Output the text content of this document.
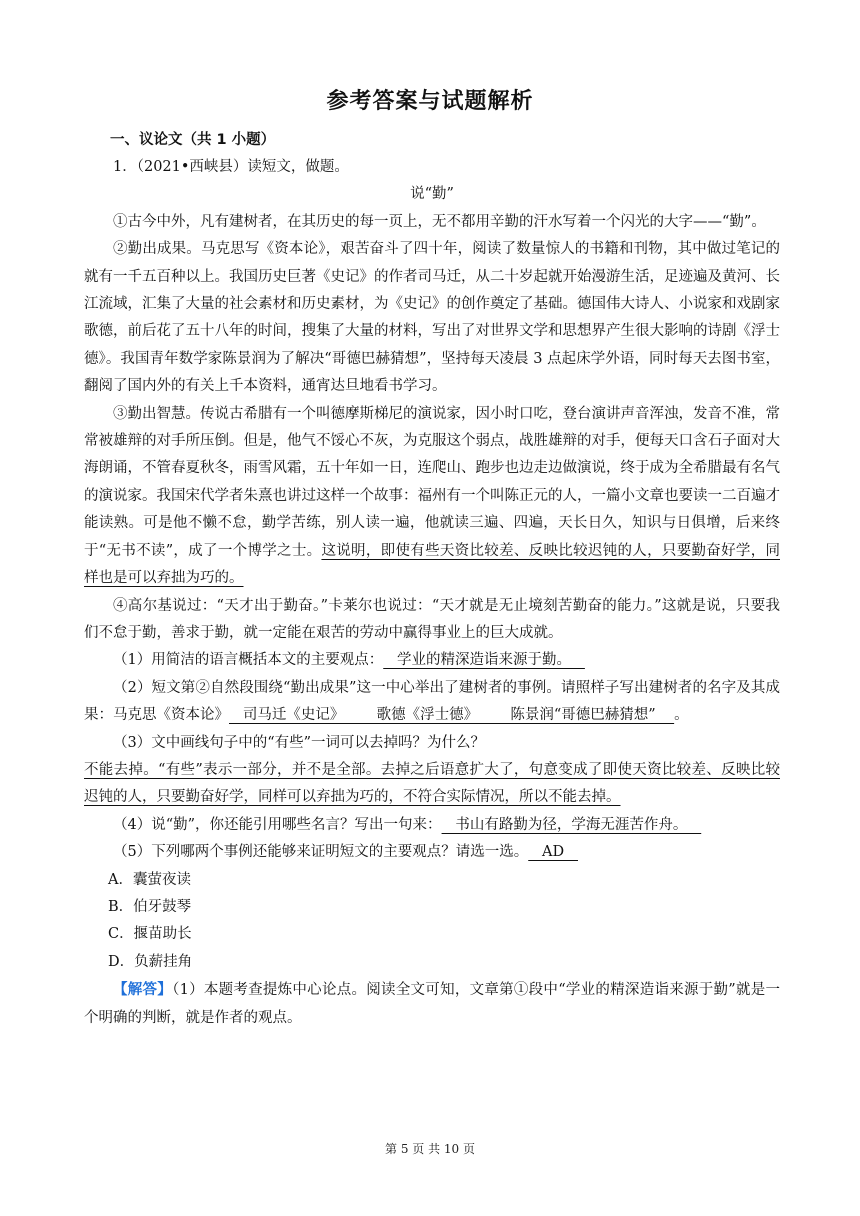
参考答案与试题解析
一、议论文（共 1 小题）

1．（2021•西峡县）读短文，做题。

说“勤”

①古今中外，凡有建树者，在其历史的每一页上，无不都用辛勤的汗水写着一个闪光的大字——“勤”。

②勤出成果。马克思写《资本论》，艰苦奋斗了四十年，阅读了数量惊人的书籍和刊物，其中做过笔记的就有一千五百种以上。我国历史巨著《史记》的作者司马迁，从二十岁起就开始漫游生活，足迹遍及黄河、长江流域，汇集了大量的社会素材和历史素材，为《史记》的创作奠定了基础。德国伟大诗人、小说家和戏剧家歌德，前后花了五十八年的时间，搜集了大量的材料，写出了对世界文学和思想界产生很大影响的诗剧《浮士德》。我国青年数学家陈景润为了解决“哥德巴赫猜想”，坚持每天凌晨 3 点起床学外语，同时每天去图书室，翻阅了国内外的有关上千本资料，通宵达旦地看书学习。

③勤出智慧。传说古希腊有一个叫德摩斯梯尼的演说家，因小时口吃，登台演讲声音浑浊，发音不准，常常被雄辩的对手所压倒。但是，他气不馁心不灰，为克服这个弱点，战胜雄辩的对手，便每天口含石子面对大海朗诵，不管春夏秋冬，雨雪风霜，五十年如一日，连爬山、跑步也边走边做演说，终于成为全希腊最有名气的演说家。我国宋代学者朱熹也讲过这样一个故事：福州有一个叫陈正元的人，一篇小文章也要读一二百遍才能读熟。可是他不懒不怠，勤学苦练，别人读一遍，他就读三遍、四遍，天长日久，知识与日俱增，后来终于“无书不读”，成了一个博学之士。这说明，即使有些天资比较差、反映比较迟钝的人，只要勤奋好学，同样也是可以弃拙为巧的。

④高尔基说过：“天才出于勤奋。”卡莱尔也说过：“天才就是无止境刻苦勤奋的能力。”这就是说，只要我们不怠于勤，善求于勤，就一定能在艰苦的劳动中赢得事业上的巨大成就。

（1）用简洁的语言概括本文的主要观点：   学业的精深造诣来源于勤。

（2）短文第②自然段围绕“勤出成果”这一中心举出了建树者的事例。请照样子写出建树者的名字及其成果：马克思《资本论》   司马迁《史记》       歌德《浮士德》       陈景润“哥德巴赫猜想”    。

（3）文中画线句子中的“有些”一词可以去掉吗？为什么？

不能去掉。“有些”表示一部分，并不是全部。去掉之后语意扩大了，句意变成了即使天资比较差、反映比较迟钝的人，只要勤奋好学，同样可以弃拙为巧的，不符合实际情况，所以不能去掉。

（4）说“勤”，你还能引用哪些名言？写出一句来：   书山有路勤为径，学海无涯苦作舟。

（5）下列哪两个事例还能够来证明短文的主要观点？请选一选。   AD

A．囊萤夜读

B．伯牙鼓琴

C．揠苗助长

D．负薪挂角

【解答】（1）本题考查提炼中心论点。阅读全文可知，文章第①段中“学业的精深造诣来源于勤”就是一个明确的判断，就是作者的观点。

第 5 页 共 10 页
